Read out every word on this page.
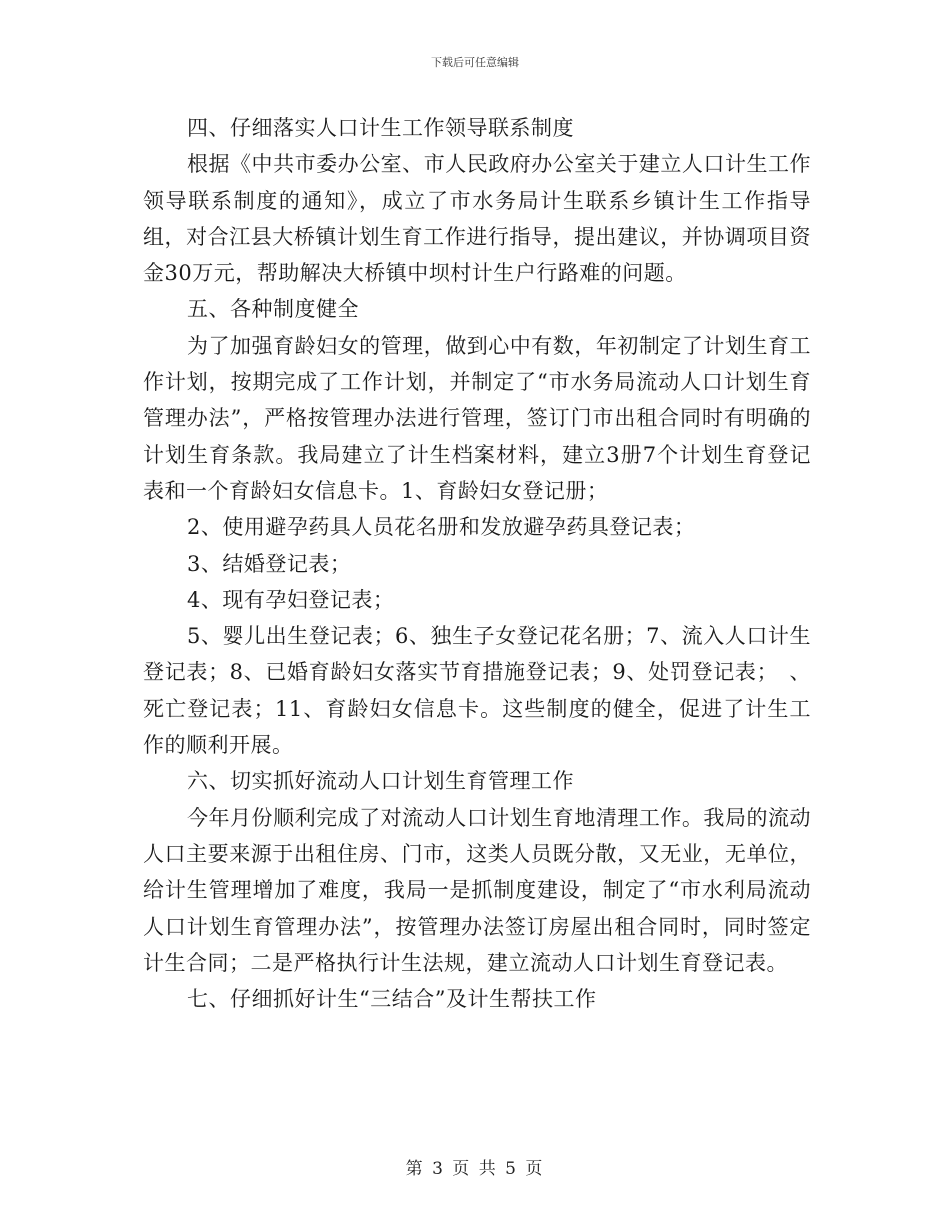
下载后可任意编辑

四、仔细落实人口计生工作领导联系制度

根据《中共市委办公室、市人民政府办公室关于建立人口计生工作领导联系制度的通知》，成立了市水务局计生联系乡镇计生工作指导组，对合江县大桥镇计划生育工作进行指导，提出建议，并协调项目资金30万元，帮助解决大桥镇中坝村计生户行路难的问题。

五、各种制度健全

为了加强育龄妇女的管理，做到心中有数，年初制定了计划生育工作计划，按期完成了工作计划，并制定了“市水务局流动人口计划生育管理办法”，严格按管理办法进行管理，签订门市出租合同时有明确的计划生育条款。我局建立了计生档案材料，建立3册7个计划生育登记表和一个育龄妇女信息卡。1、育龄妇女登记册；

2、使用避孕药具人员花名册和发放避孕药具登记表；

3、结婚登记表；

4、现有孕妇登记表；

5、婴儿出生登记表；6、独生子女登记花名册；7、流入人口计生登记表；8、已婚育龄妇女落实节育措施登记表；9、处罚登记表；　、死亡登记表；11、育龄妇女信息卡。这些制度的健全，促进了计生工作的顺利开展。

六、切实抓好流动人口计划生育管理工作

今年月份顺利完成了对流动人口计划生育地清理工作。我局的流动人口主要来源于出租住房、门市，这类人员既分散，又无业，无单位，给计生管理增加了难度，我局一是抓制度建设，制定了“市水利局流动人口计划生育管理办法”，按管理办法签订房屋出租合同时，同时签定计生合同；二是严格执行计生法规，建立流动人口计划生育登记表。

七、仔细抓好计生“三结合”及计生帮扶工作

第 3 页 共 5 页
